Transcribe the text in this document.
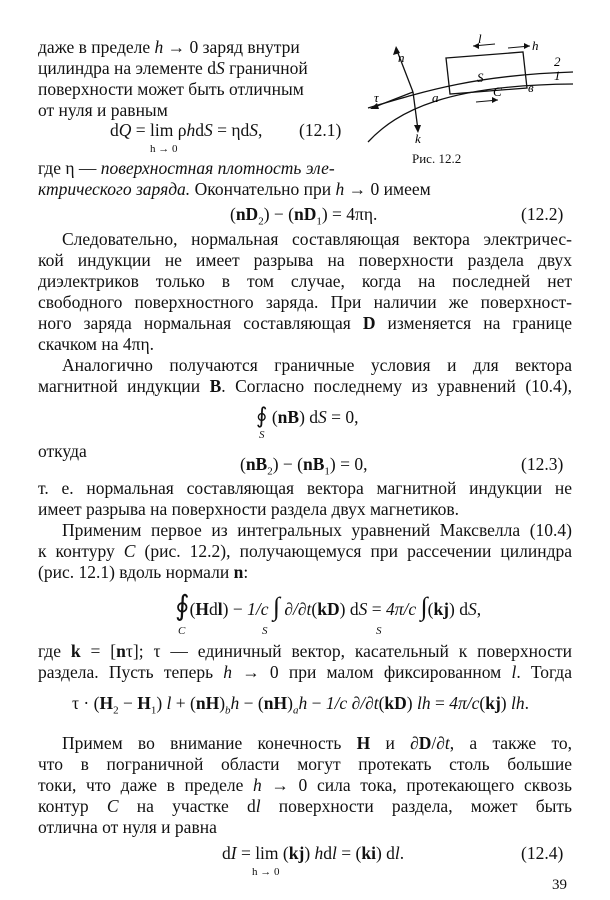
даже в пределе h → 0 заряд внутри
цилиндра на элементе dS граничной
поверхности может быть отличным
от нуля и равным
dQ = lim ρhdS = ηdS,
h → 0
(12.1)
n
τ
k
l	h
S
C
a
в
2
1
Рис. 12.2
где η — поверхностная плотность эле-
ктрического заряда. Окончательно при h → 0 имеем
$(nD_2) - (nD_1) = 4\pi\eta$.	(12.2)
Следовательно, нормальная составляющая вектора электричес-
кой индукции не имеет разрыва на поверхности раздела двух
диэлектриков только в том случае, когда на последней нет
свободного поверхностного заряда. При наличии же поверхност-
ного заряда нормальная составляющая D изменяется на границе
скачком на 4πη.
Аналогично получаются граничные условия и для вектора
магнитной индукции B. Согласно последнему из уравнений (10.4),
∮ (nB) dS = 0,
S
откуда
$(nB_2) - (nB_1) = 0$,	(12.3)
т. е. нормальная составляющая вектора магнитной индукции не
имеет разрыва на поверхности раздела двух магнетиков.
Применим первое из интегральных уравнений Максвелла (10.4)
к контуру C (рис. 12.2), получающемуся при рассечении цилиндра
(рис. 12.1) вдоль нормали n:
∮(Hdl) − 1/c ∫ ∂/∂t(kD) dS = 4π/c ∫(kj) dS,
C	S	S
где k = [nτ]; τ — единичный вектор, касательный к поверхности
раздела. Пусть теперь h → 0 при малом фиксированном l. Тогда
$\tau \cdot (H_2 - H_1) l + (nH)_bh - (nH)_ah - 1/c$ ∂/∂t(kD) lh = 4π/c(kj) lh.
Примем во внимание конечность H и ∂D/∂t, а также то,
что в пограничной области могут протекать столь большие
токи, что даже в пределе h → 0 сила тока, протекающего сквозь
контур C на участке dl поверхности раздела, может быть
отлична от нуля и равна
dI = lim (kj) hdl = (ki) dl.
h → 0
(12.4)
39
